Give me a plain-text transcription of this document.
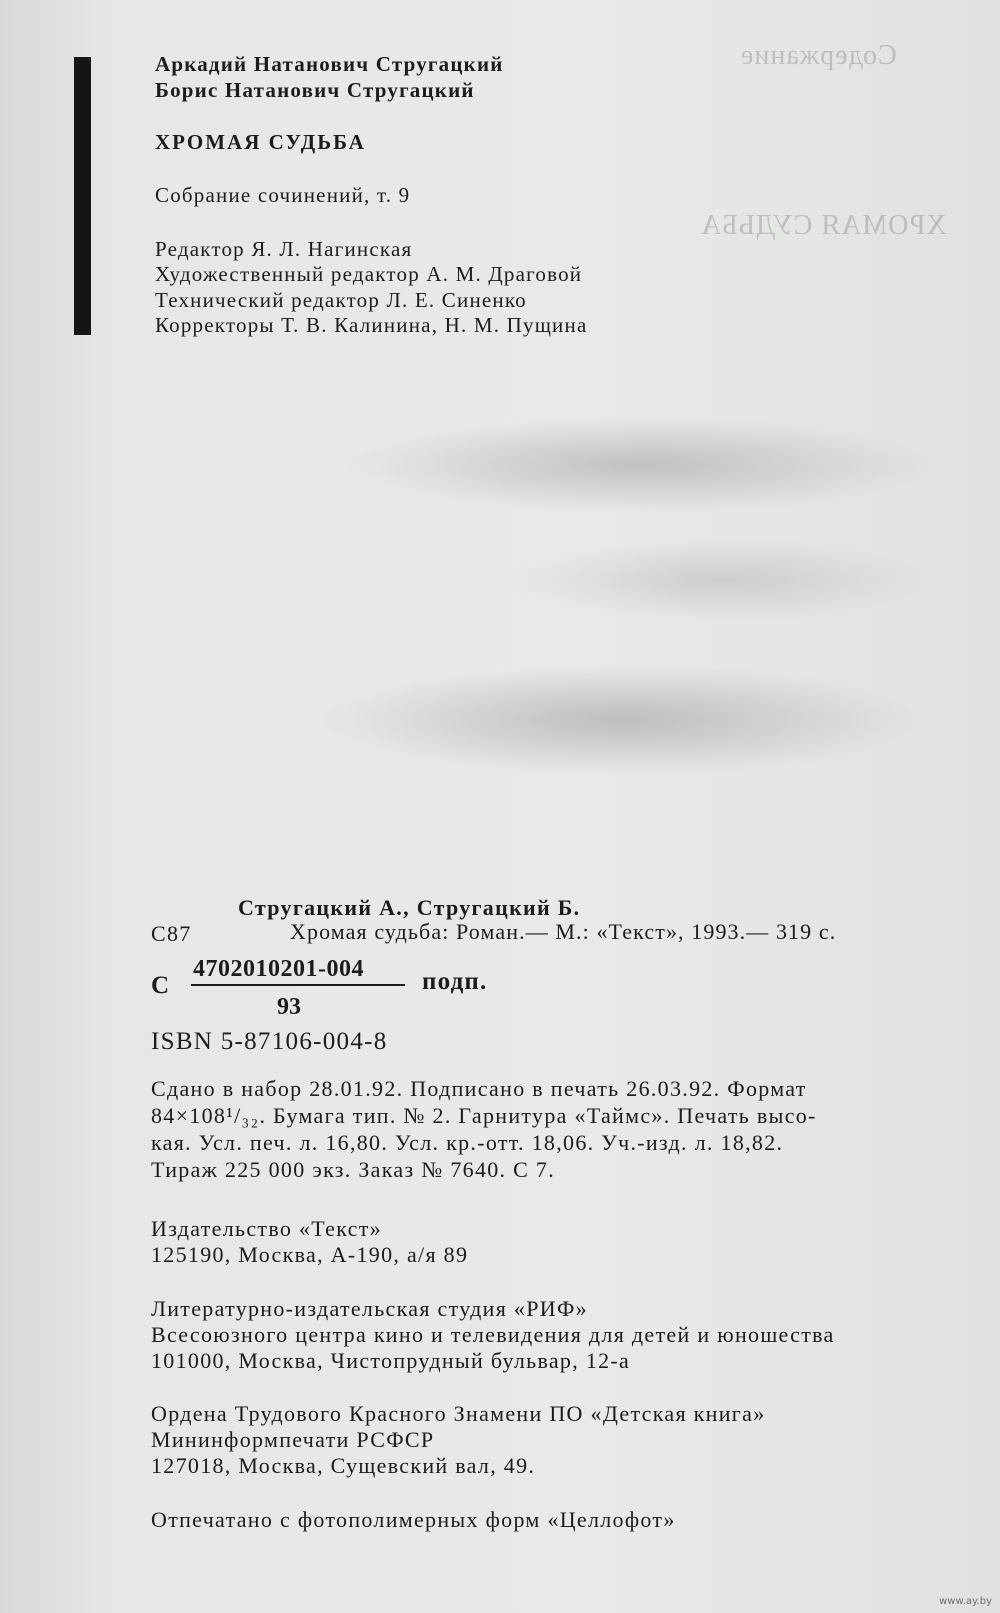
Содержание
ХРОМАЯ СУДЬБА
Аркадий Натанович Стругацкий
Борис Натанович Стругацкий
ХРОМАЯ СУДЬБА
Собрание сочинений, т. 9
Редактор Я. Л. Нагинская
Художественный редактор А. М. Драговой
Технический редактор Л. Е. Синенко
Корректоры Т. В. Калинина, Н. М. Пущина
Стругацкий А., Стругацкий Б.
С87	Хромая судьба: Роман.— М.: «Текст», 1993.— 319 с.
С
4702010201-004
93
подп.
ISBN 5-87106-004-8
Сдано в набор 28.01.92. Подписано в печать 26.03.92. Формат
84×108¹/₃₂. Бумага тип. № 2. Гарнитура «Таймс». Печать высо-
кая. Усл. печ. л. 16,80. Усл. кр.-отт. 18,06. Уч.-изд. л. 18,82.
Тираж 225 000 экз. Заказ № 7640. С 7.
Издательство «Текст»
125190, Москва, А-190, а/я 89
Литературно-издательская студия «РИФ»
Всесоюзного центра кино и телевидения для детей и юношества
101000, Москва, Чистопрудный бульвар, 12-а
Ордена Трудового Красного Знамени ПО «Детская книга»
Мининформпечати РСФСР
127018, Москва, Сущевский вал, 49.
Отпечатано с фотополимерных форм «Целлофот»
www.ay.by
